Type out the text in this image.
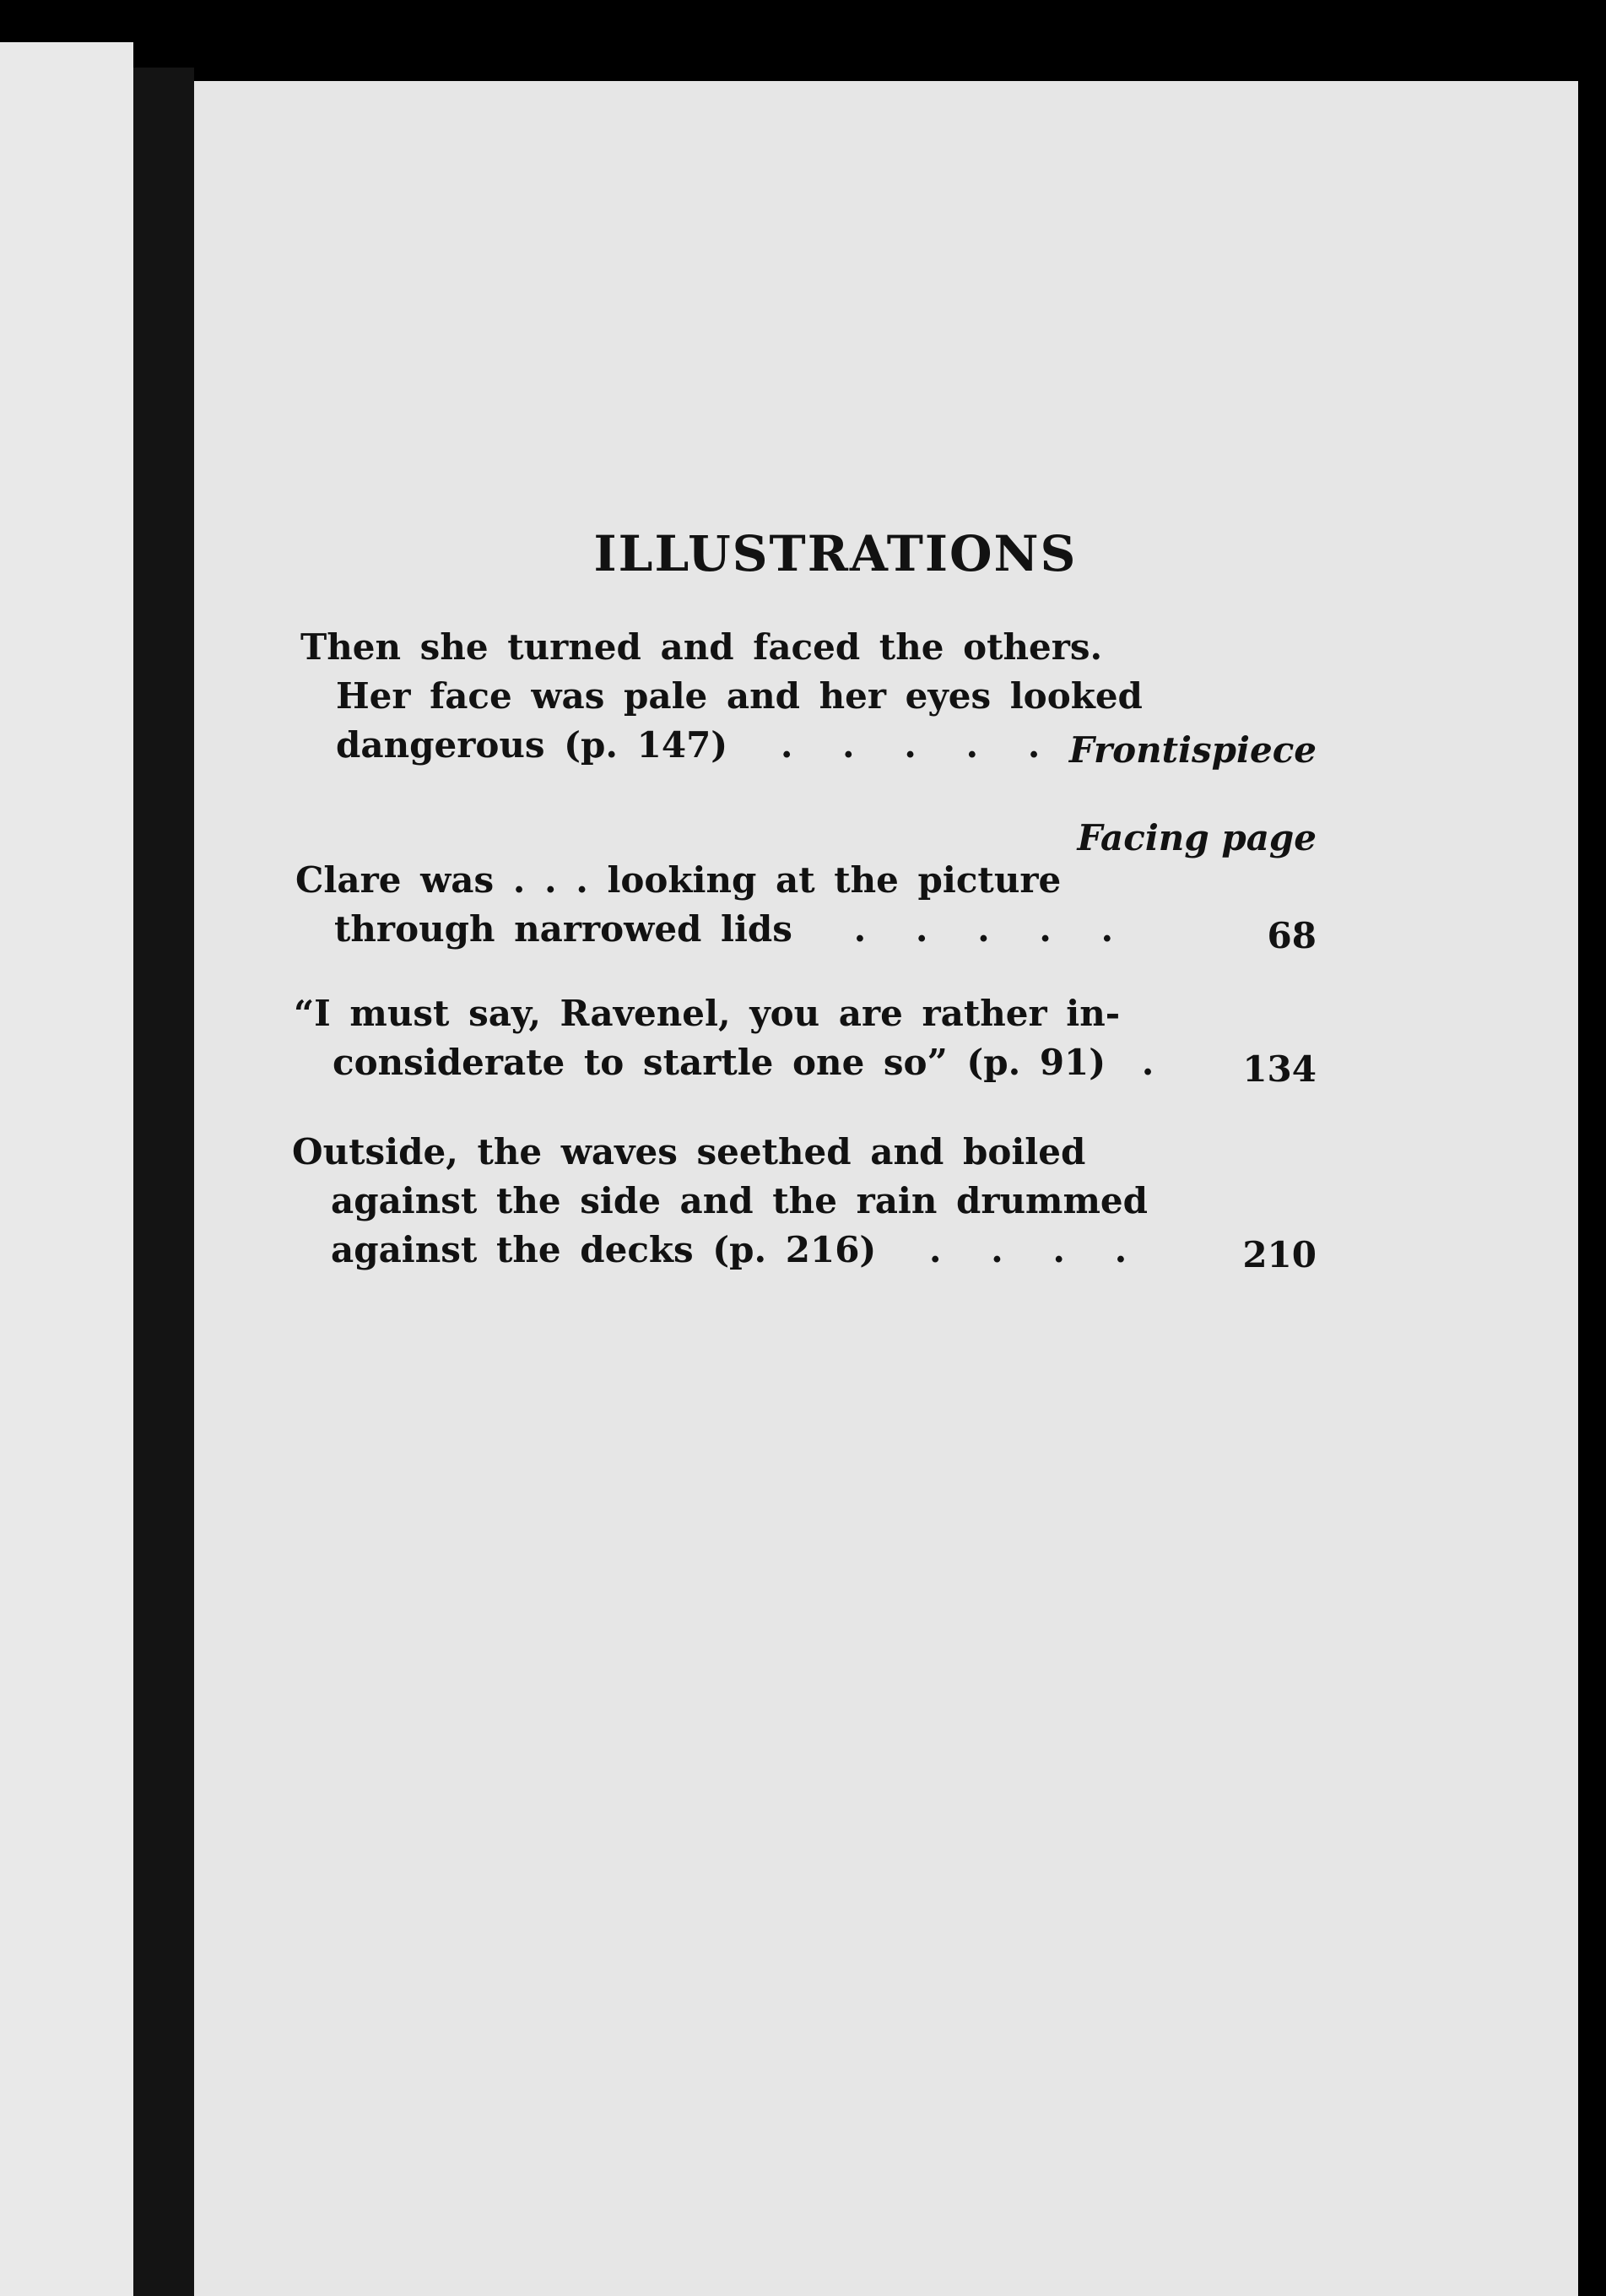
ILLUSTRATIONS
Then she turned and faced the others.
Her face was pale and her eyes looked
dangerous (p. 147) . . . . . Frontispiece
Facing page
Clare was . . . looking at the picture
through narrowed lids . . . . .	68
“I must say, Ravenel, you are rather in-
considerate to startle one so” (p. 91) .	134
Outside, the waves seethed and boiled
against the side and the rain drummed
against the decks (p. 216) . . . .	210
